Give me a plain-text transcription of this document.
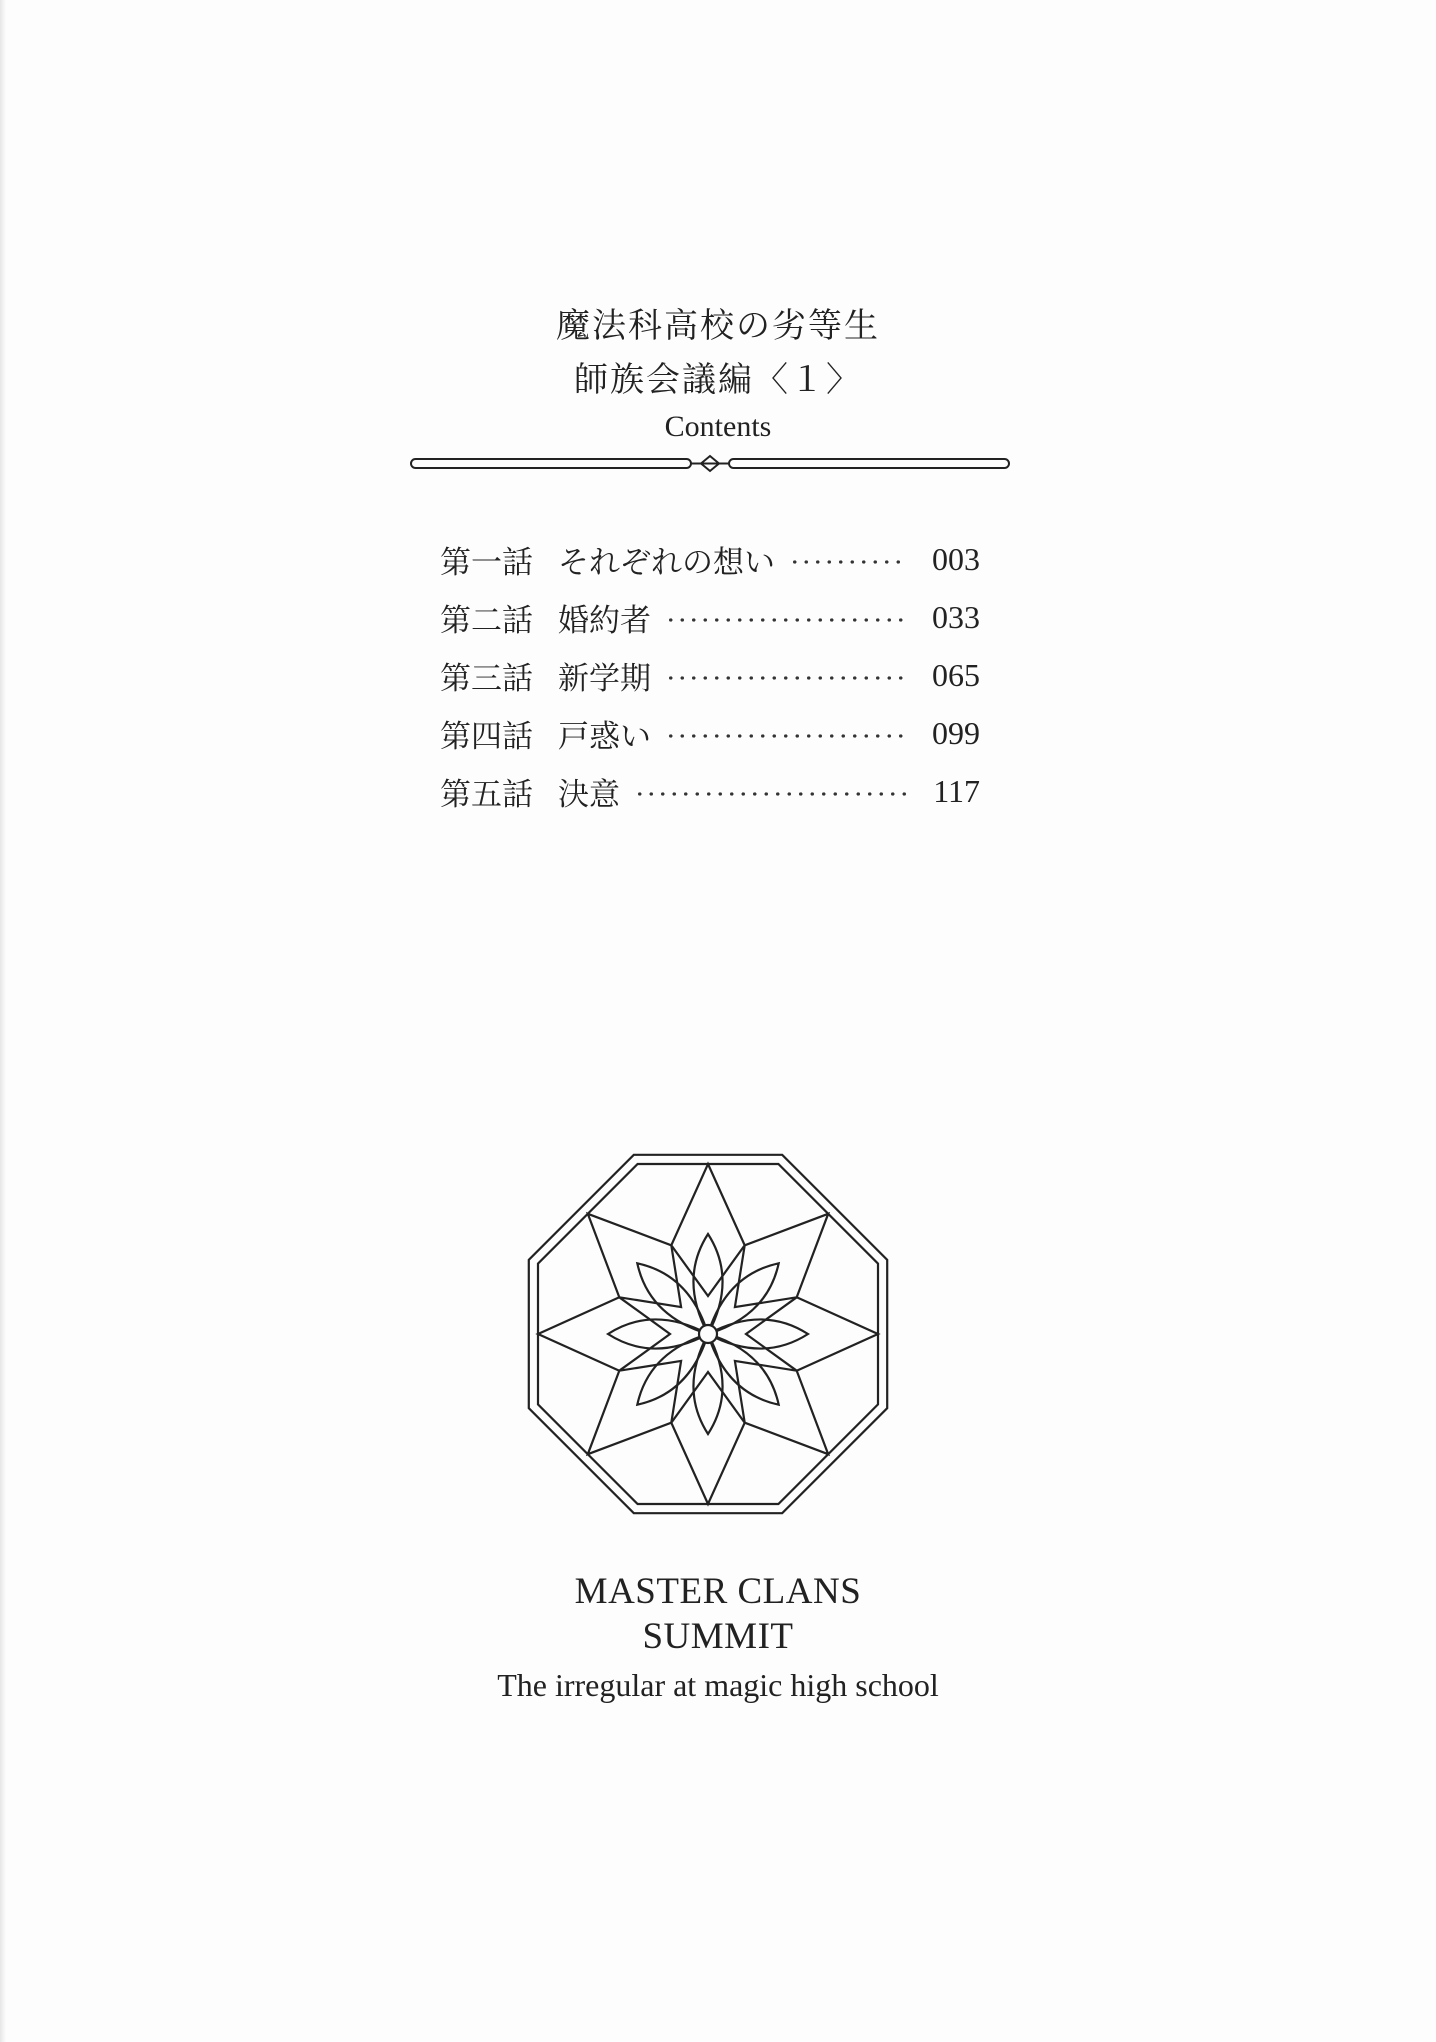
魔法科高校の劣等生
師族会議編〈１〉
Contents
第一話 それぞれの想い	003
第二話 婚約者	033
第三話 新学期	065
第四話 戸惑い	099
第五話 決意	117
MASTER CLANS
SUMMIT
The irregular at magic high school
